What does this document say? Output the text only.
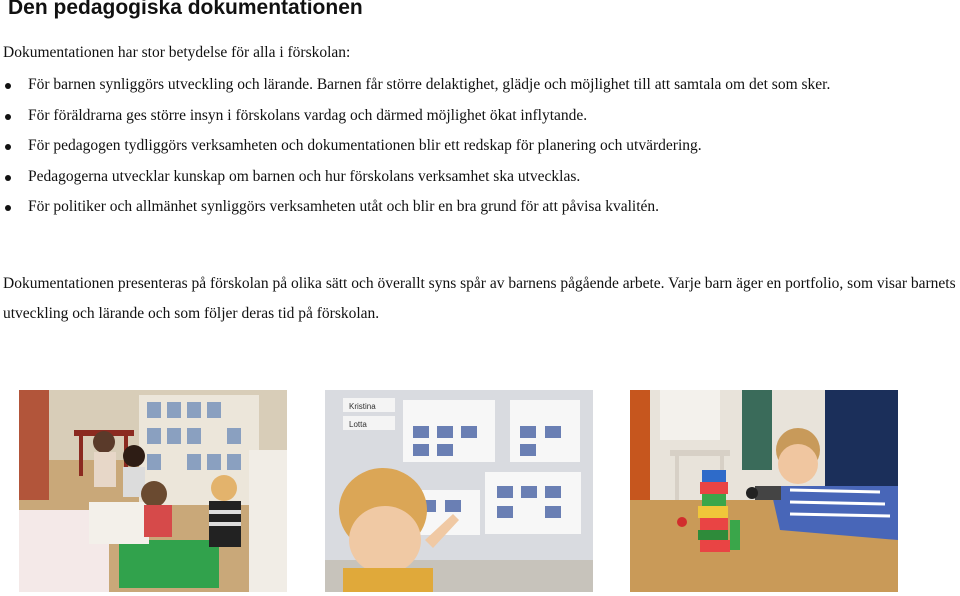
Den pedagogiska dokumentationen
Dokumentationen har stor betydelse för alla i förskolan:
För barnen synliggörs utveckling och lärande. Barnen får större delaktighet, glädje och möjlighet till att samtala om det som sker.
För föräldrarna ges större insyn i förskolans vardag och därmed möjlighet ökat inflytande.
För pedagogen tydliggörs verksamheten och dokumentationen blir ett redskap för planering och utvärdering.
Pedagogerna utvecklar kunskap om barnen och hur förskolans verksamhet ska utvecklas.
För politiker och allmänhet synliggörs verksamheten utåt och blir en bra grund för att påvisa kvalitén.
Dokumentationen presenteras på förskolan på olika sätt och överallt syns spår av barnens pågående arbete. Varje barn äger en portfolio, som visar barnets utveckling och lärande och som följer deras tid på förskolan.
Kristina
Lotta
